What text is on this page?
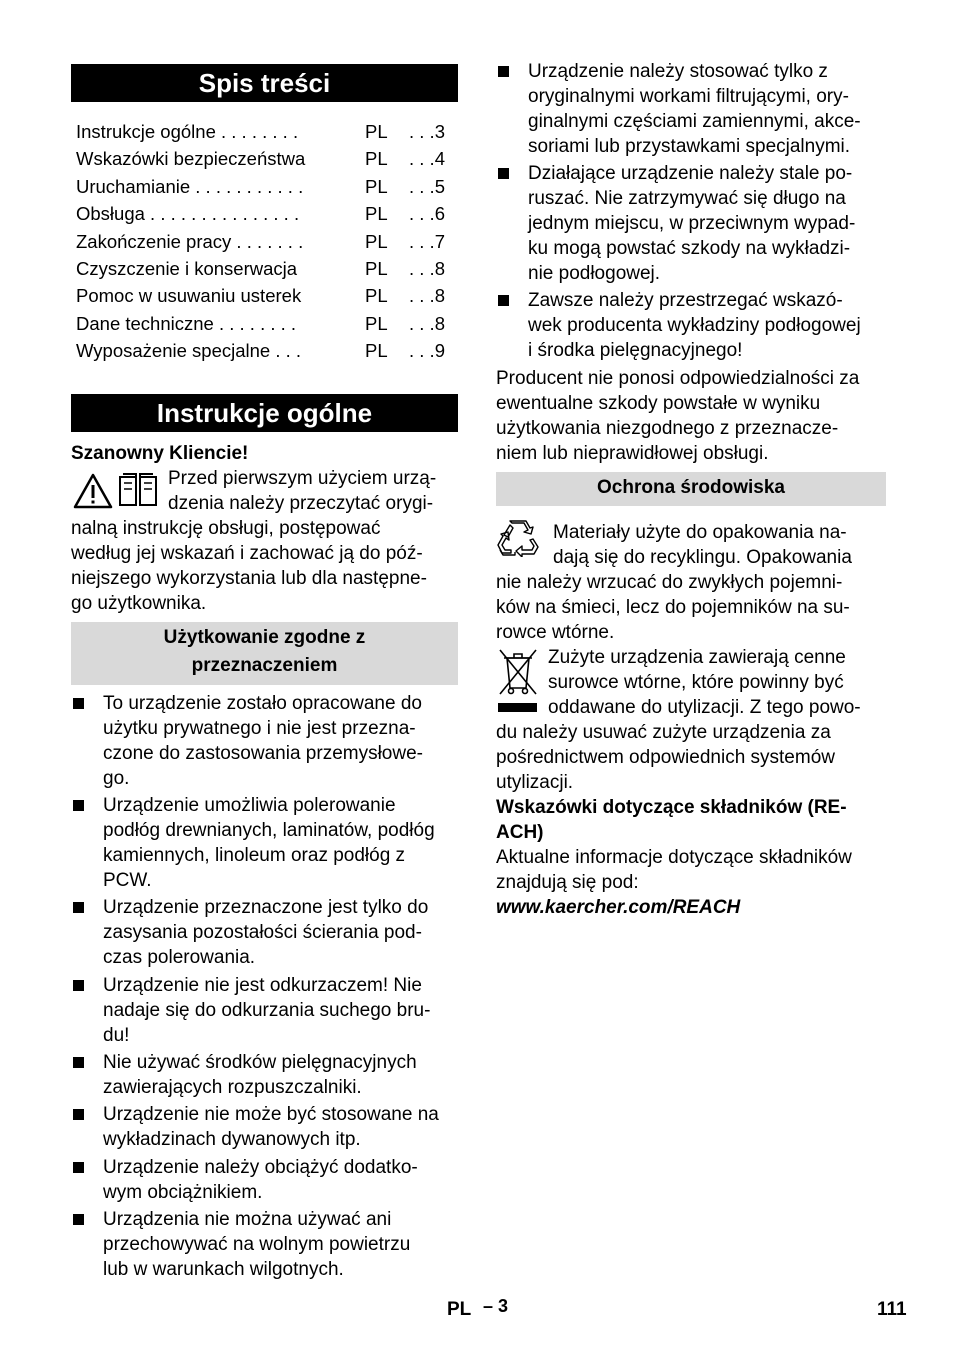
Spis treści
Instrukcje ogólne . . . . . . . .	PL . . .3
Wskazówki bezpieczeństwa	PL . . .4
Uruchamianie . . . . . . . . . . .	PL . . .5
Obsługa . . . . . . . . . . . . . . .	PL . . .6
Zakończenie pracy . . . . . . .	PL . . .7
Czyszczenie i konserwacja	PL . . .8
Pomoc w usuwaniu usterek	PL . . .8
Dane techniczne . . . . . . . .	PL . . .8
Wyposażenie specjalne . . .	PL . . .9
Instrukcje ogólne
Szanowny Kliencie!
Przed pierwszym użyciem urzą-
dzenia należy przeczytać orygi-
nalną instrukcję obsługi, postępować
według jej wskazań i zachować ją do póź-
niejszego wykorzystania lub dla następne-
go użytkownika.
Użytkowanie zgodne z
przeznaczeniem
To urządzenie zostało opracowane do
użytku prywatnego i nie jest przezna-
czone do zastosowania przemysłowe-
go.
Urządzenie umożliwia polerowanie
podłóg drewnianych, laminatów, podłóg
kamiennych, linoleum oraz podłóg z
PCW.
Urządzenie przeznaczone jest tylko do
zasysania pozostałości ścierania pod-
czas polerowania.
Urządzenie nie jest odkurzaczem! Nie
nadaje się do odkurzania suchego bru-
du!
Nie używać środków pielęgnacyjnych
zawierających rozpuszczalniki.
Urządzenie nie może być stosowane na
wykładzinach dywanowych itp.
Urządzenie należy obciążyć dodatko-
wym obciążnikiem.
Urządzenia nie można używać ani
przechowywać na wolnym powietrzu
lub w warunkach wilgotnych.
Urządzenie należy stosować tylko z
oryginalnymi workami filtrującymi, ory-
ginalnymi częściami zamiennymi, akce-
soriami lub przystawkami specjalnymi.
Działające urządzenie należy stale po-
ruszać. Nie zatrzymywać się długo na
jednym miejscu, w przeciwnym wypad-
ku mogą powstać szkody na wykładzi-
nie podłogowej.
Zawsze należy przestrzegać wskazó-
wek producenta wykładziny podłogowej
i środka pielęgnacyjnego!
Producent nie ponosi odpowiedzialności za
ewentualne szkody powstałe w wyniku
użytkowania niezgodnego z przeznacze-
niem lub nieprawidłowej obsługi.
Ochrona środowiska
Materiały użyte do opakowania na-
dają się do recyklingu. Opakowania
nie należy wrzucać do zwykłych pojemni-
ków na śmieci, lecz do pojemników na su-
rowce wtórne.
Zużyte urządzenia zawierają cenne
surowce wtórne, które powinny być
oddawane do utylizacji. Z tego powo-
du należy usuwać zużyte urządzenia za
pośrednictwem odpowiednich systemów
utylizacji.
Wskazówki dotyczące składników (RE-
ACH)
Aktualne informacje dotyczące składników
znajdują się pod:
www.kaercher.com/REACH
PL – 3	111
